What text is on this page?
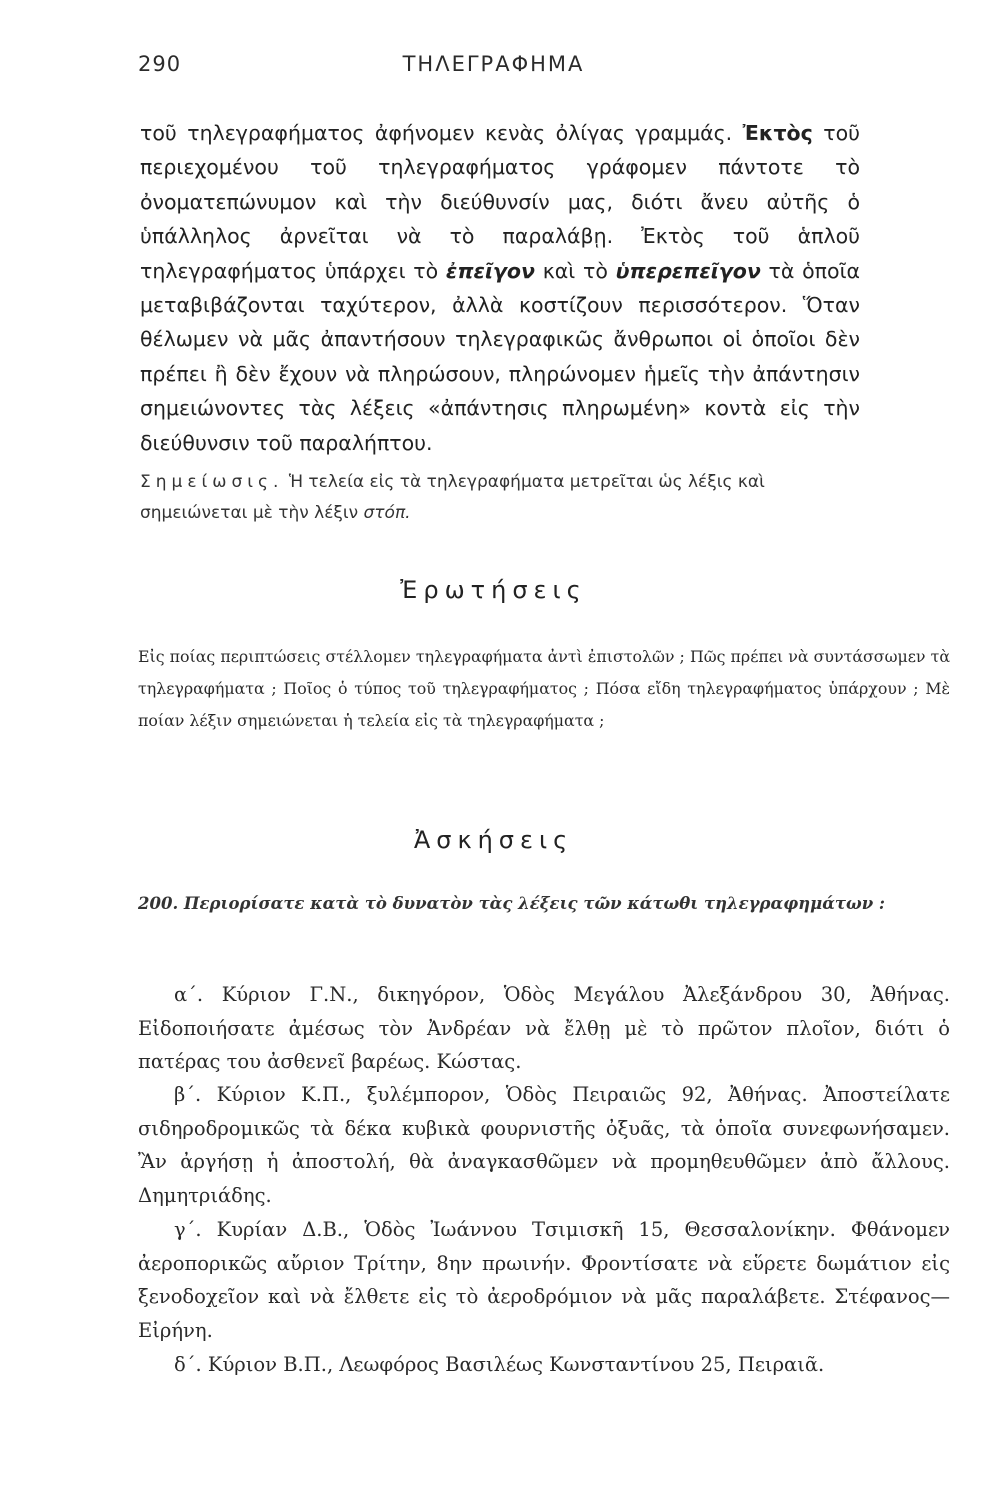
290	ΤΗΛΕΓΡΑΦΗΜΑ

τοῦ τηλεγραφήματος ἀφήνομεν κενὰς ὀλίγας γραμμάς. Ἐκτὸς τοῦ περιεχομένου τοῦ τηλεγραφήματος γράφομεν πάντοτε τὸ ὀνοματεπώνυμον καὶ τὴν διεύθυνσίν μας, διότι ἄνευ αὐτῆς ὁ ὑπάλληλος ἀρνεῖται νὰ τὸ παραλάβῃ. Ἐκτὸς τοῦ ἁπλοῦ τηλεγραφήματος ὑπάρχει τὸ ἐπεῖγον καὶ τὸ ὑπερεπεῖγον τὰ ὁποῖα μεταβιβάζονται ταχύτερον, ἀλλὰ κοστίζουν περισσότερον. Ὅταν θέλωμεν νὰ μᾶς ἀπαντήσουν τηλεγραφικῶς ἄνθρωποι οἱ ὁποῖοι δὲν πρέπει ἢ δὲν ἔχουν νὰ πληρώσουν, πληρώνομεν ἡμεῖς τὴν ἀπάντησιν σημειώνοντες τὰς λέξεις «ἀπάντησις πληρωμένη» κοντὰ εἰς τὴν διεύθυνσιν τοῦ παραλήπτου.

Σημείωσις. Ἡ τελεία εἰς τὰ τηλεγραφήματα μετρεῖται ὡς λέξις καὶ
σημειώνεται μὲ τὴν λέξιν στόπ.

Ἐρωτήσεις

Εἰς ποίας περιπτώσεις στέλλομεν τηλεγραφήματα ἀντὶ ἐπιστολῶν ; Πῶς πρέπει νὰ συντάσσωμεν τὰ τηλεγραφήματα ; Ποῖος ὁ τύπος τοῦ τηλεγραφήματος ; Πόσα εἴδη τηλεγραφήματος ὑπάρχουν ; Μὲ ποίαν λέξιν σημειώνεται ἡ τελεία εἰς τὰ τηλεγραφήματα ;

Ἀσκήσεις

200. Περιορίσατε κατὰ τὸ δυνατὸν τὰς λέξεις τῶν κάτωθι τηλεγραφημάτων :

α΄. Κύριον Γ.Ν., δικηγόρον, Ὁδὸς Μεγάλου Ἀλεξάνδρου 30, Ἀθήνας. Εἰδοποιήσατε ἀμέσως τὸν Ἀνδρέαν νὰ ἔλθῃ μὲ τὸ πρῶτον πλοῖον, διότι ὁ πατέρας του ἀσθενεῖ βαρέως. Κώστας.

β΄. Κύριον Κ.Π., ξυλέμπορον, Ὁδὸς Πειραιῶς 92, Ἀθήνας. Ἀποστείλατε σιδηροδρομικῶς τὰ δέκα κυβικὰ φουρνιστῆς ὀξυᾶς, τὰ ὁποῖα συνεφωνήσαμεν. Ἂν ἀργήσῃ ἡ ἀποστολή, θὰ ἀναγκασθῶμεν νὰ προμηθευθῶμεν ἀπὸ ἄλλους. Δημητριάδης.

γ΄. Κυρίαν Δ.Β., Ὁδὸς Ἰωάννου Τσιμισκῆ 15, Θεσσαλονίκην. Φθάνομεν ἀεροπορικῶς αὔριον Τρίτην, 8ην πρωινήν. Φροντίσατε νὰ εὕρετε δωμάτιον εἰς ξενοδοχεῖον καὶ νὰ ἔλθετε εἰς τὸ ἀεροδρόμιον νὰ μᾶς παραλάβετε. Στέφανος—Εἰρήνη.

δ΄. Κύριον Β.Π., Λεωφόρος Βασιλέως Κωνσταντίνου 25, Πειραιᾶ.
